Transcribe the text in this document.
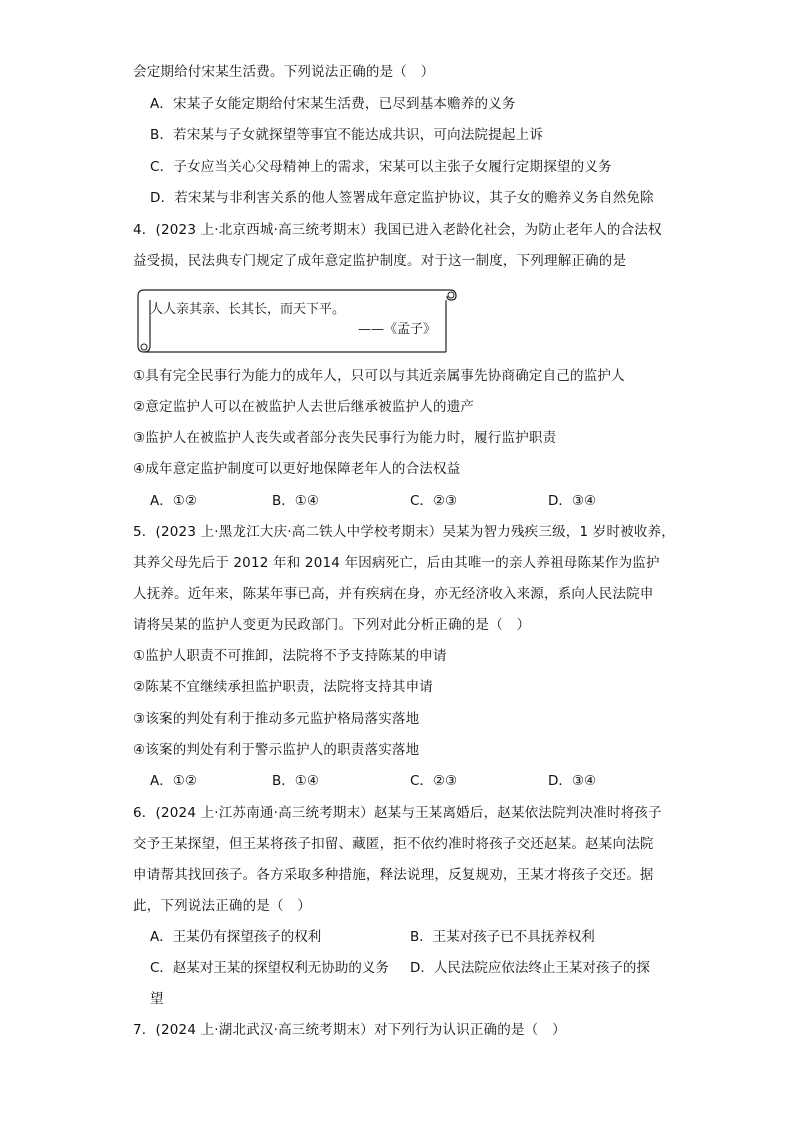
会定期给付宋某生活费。下列说法正确的是（　）
A．宋某子女能定期给付宋某生活费，已尽到基本赡养的义务
B．若宋某与子女就探望等事宜不能达成共识，可向法院提起上诉
C．子女应当关心父母精神上的需求，宋某可以主张子女履行定期探望的义务
D．若宋某与非利害关系的他人签署成年意定监护协议，其子女的赡养义务自然免除
4．(2023 上·北京西城·高三统考期末）我国已进入老龄化社会，为防止老年人的合法权
益受损，民法典专门规定了成年意定监护制度。对于这一制度，下列理解正确的是
人人亲其亲、长其长，而天下平。
——《孟子》
①具有完全民事行为能力的成年人，只可以与其近亲属事先协商确定自己的监护人
②意定监护人可以在被监护人去世后继承被监护人的遗产
③监护人在被监护人丧失或者部分丧失民事行为能力时，履行监护职责
④成年意定监护制度可以更好地保障老年人的合法权益
A．①②	B．①④	C．②③	D．③④
5．(2023 上·黑龙江大庆·高二铁人中学校考期末）吴某为智力残疾三级，1 岁时被收养，
其养父母先后于 2012 年和 2014 年因病死亡，后由其唯一的亲人养祖母陈某作为监护
人抚养。近年来，陈某年事已高，并有疾病在身，亦无经济收入来源，系向人民法院申
请将吴某的监护人变更为民政部门。下列对此分析正确的是（　）
①监护人职责不可推卸，法院将不予支持陈某的申请
②陈某不宜继续承担监护职责，法院将支持其申请
③该案的判处有利于推动多元监护格局落实落地
④该案的判处有利于警示监护人的职责落实落地
A．①②	B．①④	C．②③	D．③④
6．(2024 上·江苏南通·高三统考期末）赵某与王某离婚后，赵某依法院判决准时将孩子
交予王某探望，但王某将孩子扣留、藏匿，拒不依约准时将孩子交还赵某。赵某向法院
申请帮其找回孩子。各方采取多种措施，释法说理，反复规劝，王某才将孩子交还。据
此，下列说法正确的是（　）
A．王某仍有探望孩子的权利	B．王某对孩子已不具抚养权利
C．赵某对王某的探望权利无协助的义务 D．人民法院应依法终止王某对孩子的探
望
7．(2024 上·湖北武汉·高三统考期末）对下列行为认识正确的是（　）
